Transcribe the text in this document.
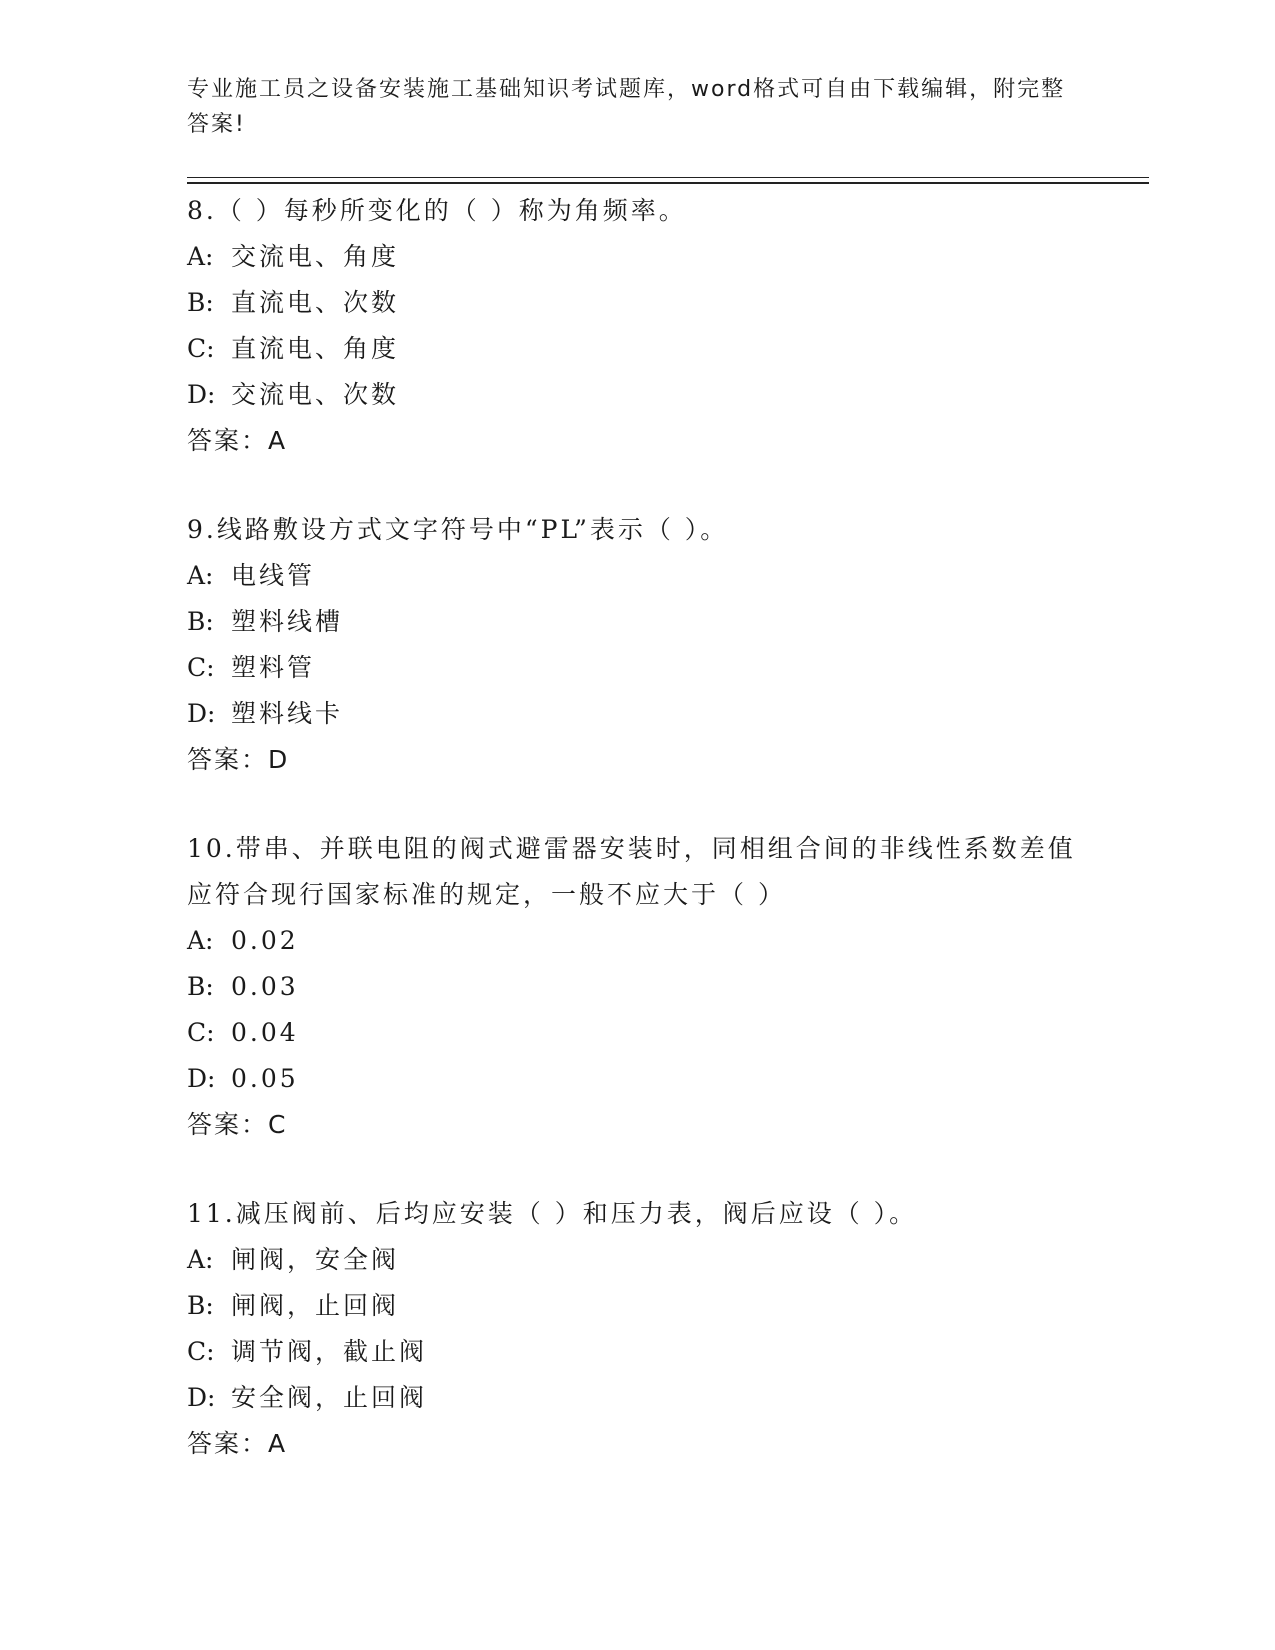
专业施工员之设备安装施工基础知识考试题库，word格式可自由下载编辑，附完整答案!
8.（ ）每秒所变化的（ ）称为角频率。
A: 交流电、角度
B: 直流电、次数
C: 直流电、角度
D: 交流电、次数
答案：A
9.线路敷设方式文字符号中“PL”表示（ ）。
A: 电线管
B: 塑料线槽
C: 塑料管
D: 塑料线卡
答案：D
10.带串、并联电阻的阀式避雷器安装时，同相组合间的非线性系数差值应符合现行国家标准的规定，一般不应大于（ ）
A: 0.02
B: 0.03
C: 0.04
D: 0.05
答案：C
11.减压阀前、后均应安装（ ）和压力表，阀后应设（ ）。
A: 闸阀，安全阀
B: 闸阀，止回阀
C: 调节阀，截止阀
D: 安全阀，止回阀
答案：A
